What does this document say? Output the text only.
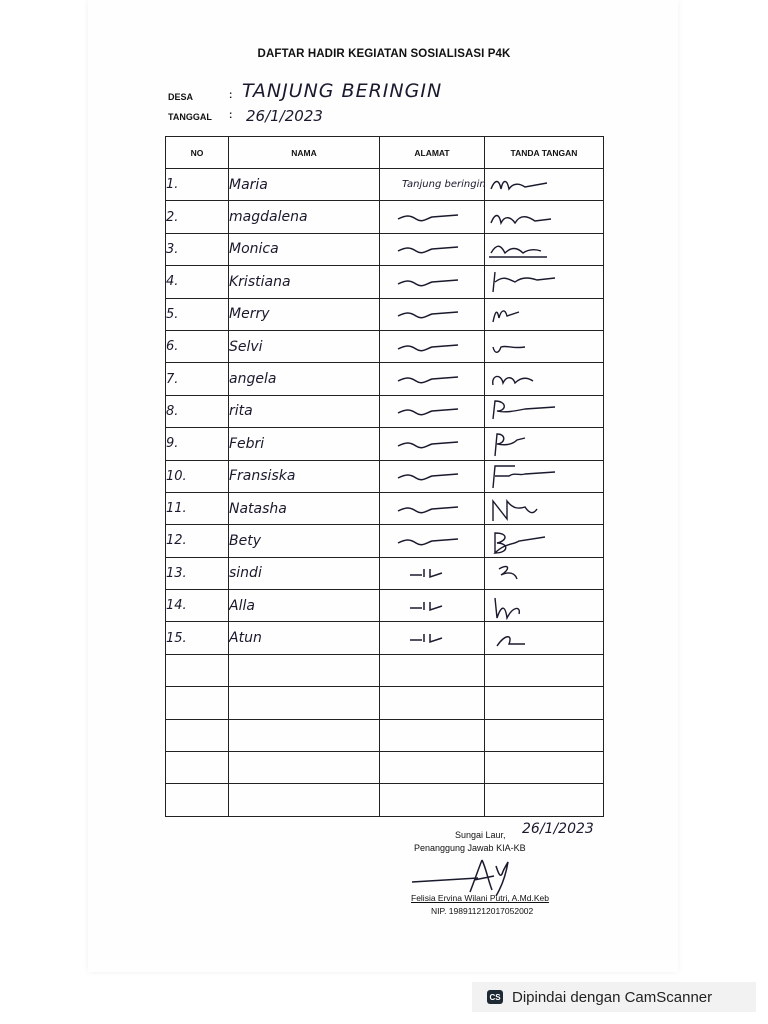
DAFTAR HADIR KEGIATAN SOSIALISASI P4K
DESA	: TANJUNG BERINGIN
TANGGAL : 26/1/2023
NO	NAMA	ALAMAT	TANDA TANGAN
1.	Maria	Tanjung beringin	

2.	magdalena	

3.	Monica	

4.	Kristiana	

5.	Merry	

6.	Selvi	

7.	angela	

8.	rita	

9.	Febri	

10.	Fransiska	

11.	Natasha	

12.	Bety	

13.	sindi	

14.	Alla	

15.	Atun	

Sungai Laur, 26/1/2023
Penanggung Jawab KIA-KB
Felisia Ervina Wilani Putri, A.Md.Keb
NIP. 198911212017052002
CS Dipindai dengan CamScanner
